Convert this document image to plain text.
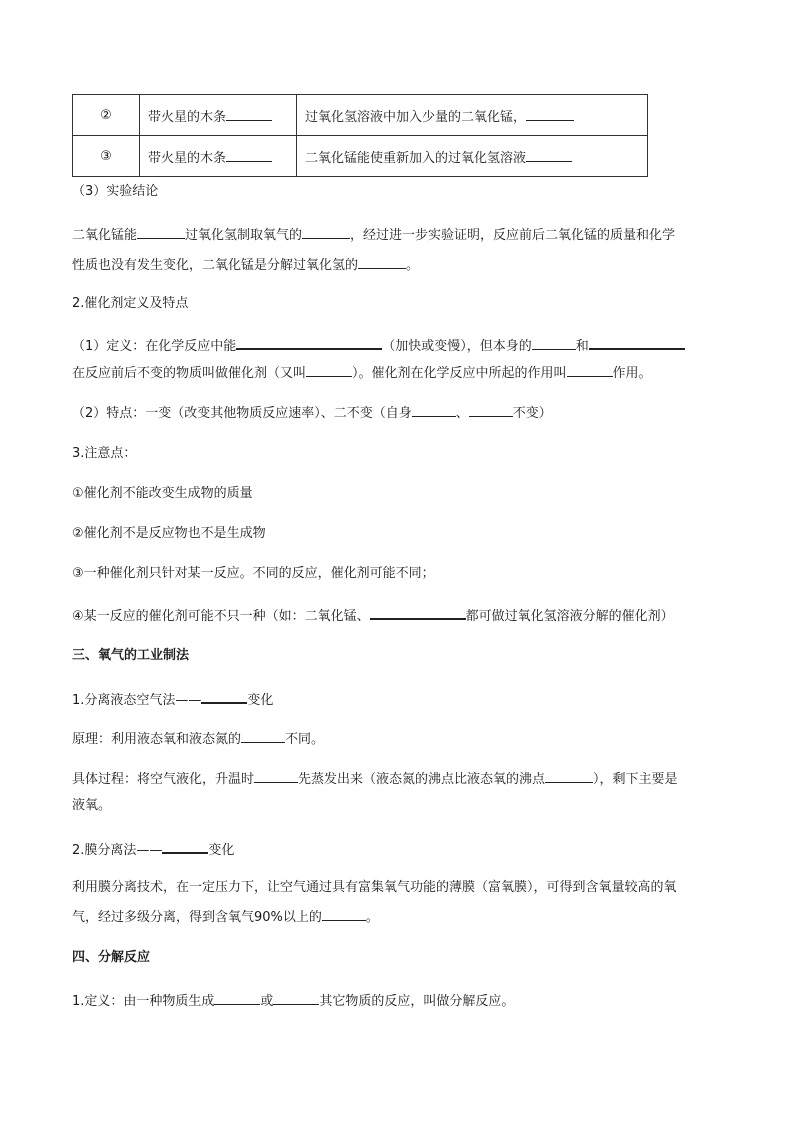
②	带火星的木条	过氧化氢溶液中加入少量的二氧化锰，
③	带火星的木条	二氧化锰能使重新加入的过氧化氢溶液
（3）实验结论
二氧化锰能	过氧化氢制取氧气的	，经过进一步实验证明，反应前后二氧化锰的质量和化学
性质也没有发生变化，二氧化锰是分解过氧化氢的	。
2.催化剂定义及特点
（1）定义：在化学反应中能	（加快或变慢），但本身的	和
在反应前后不变的物质叫做催化剂（又叫	）。催化剂在化学反应中所起的作用叫	作用。
（2）特点：一变（改变其他物质反应速率）、二不变（自身	、	不变）
3.注意点：
①催化剂不能改变生成物的质量
②催化剂不是反应物也不是生成物
③一种催化剂只针对某一反应。不同的反应，催化剂可能不同；
④某一反应的催化剂可能不只一种（如：二氧化锰、	都可做过氧化氢溶液分解的催化剂）
三、氧气的工业制法
1.分离液态空气法——	变化
原理：利用液态氧和液态氮的	不同。
具体过程：将空气液化，升温时	先蒸发出来（液态氮的沸点比液态氧的沸点	），剩下主要是
液氧。
2.膜分离法——	变化
利用膜分离技术，在一定压力下，让空气通过具有富集氧气功能的薄膜（富氧膜），可得到含氧量较高的氧
气，经过多级分离，得到含氧气90%以上的	。
四、分解反应
1.定义：由一种物质生成	或	其它物质的反应，叫做分解反应。
